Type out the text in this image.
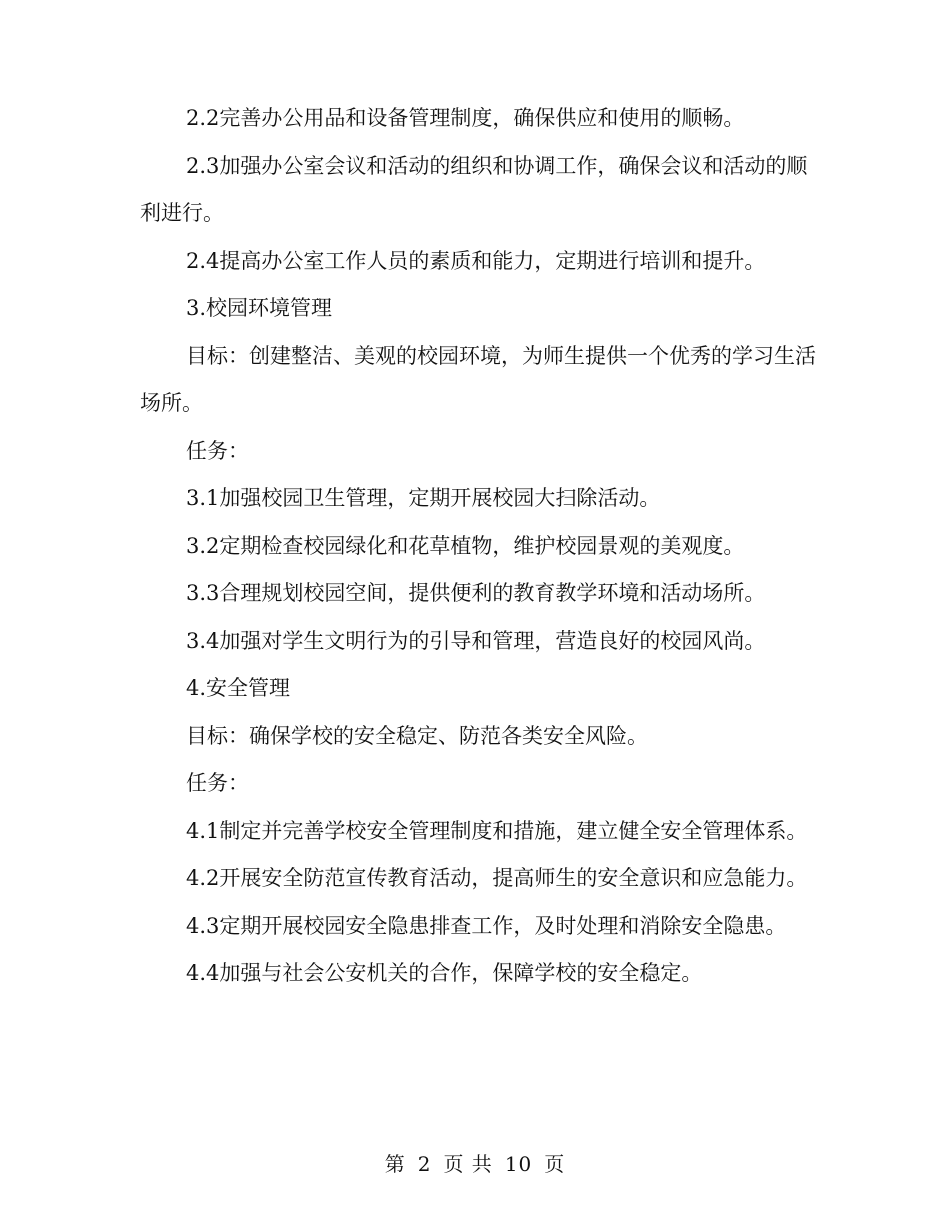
2.2完善办公用品和设备管理制度，确保供应和使用的顺畅。

2.3加强办公室会议和活动的组织和协调工作，确保会议和活动的顺利进行。

2.4提高办公室工作人员的素质和能力，定期进行培训和提升。

3.校园环境管理

目标：创建整洁、美观的校园环境，为师生提供一个优秀的学习生活场所。

任务：

3.1加强校园卫生管理，定期开展校园大扫除活动。

3.2定期检查校园绿化和花草植物，维护校园景观的美观度。

3.3合理规划校园空间，提供便利的教育教学环境和活动场所。

3.4加强对学生文明行为的引导和管理，营造良好的校园风尚。

4.安全管理

目标：确保学校的安全稳定、防范各类安全风险。

任务：

4.1制定并完善学校安全管理制度和措施，建立健全安全管理体系。

4.2开展安全防范宣传教育活动，提高师生的安全意识和应急能力。

4.3定期开展校园安全隐患排查工作，及时处理和消除安全隐患。

4.4加强与社会公安机关的合作，保障学校的安全稳定。

第 2 页 共 10 页
